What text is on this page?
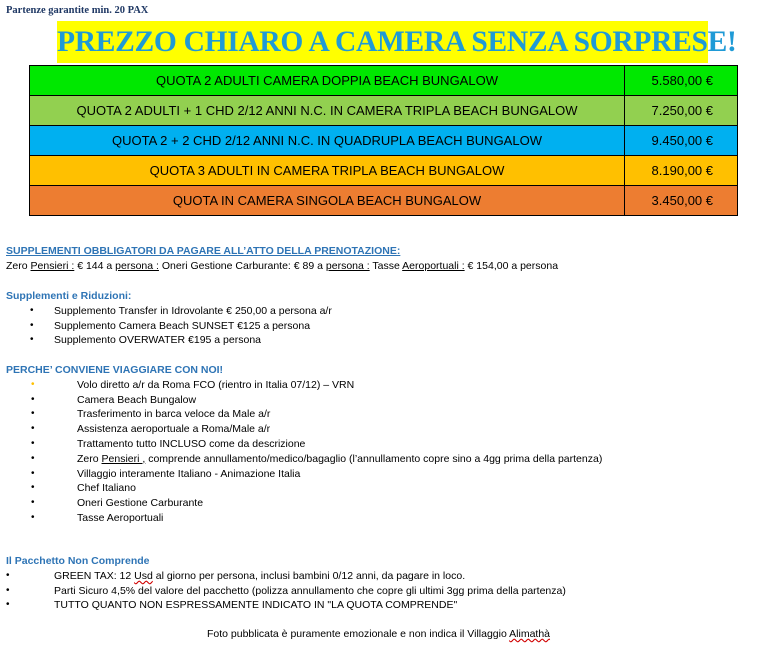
Partenze garantite min. 20 PAX
PREZZO CHIARO A CAMERA SENZA SORPRESE!
QUOTA 2 ADULTI CAMERA DOPPIA BEACH BUNGALOW	5.580,00 €
QUOTA 2 ADULTI + 1 CHD 2/12 ANNI N.C. IN CAMERA TRIPLA BEACH BUNGALOW	7.250,00 €
QUOTA 2 + 2 CHD 2/12 ANNI N.C. IN QUADRUPLA BEACH BUNGALOW	9.450,00 €
QUOTA 3 ADULTI IN CAMERA TRIPLA BEACH BUNGALOW	8.190,00 €
QUOTA IN CAMERA SINGOLA BEACH BUNGALOW	3.450,00 €
SUPPLEMENTI OBBLIGATORI DA PAGARE ALL’ATTO DELLA PRENOTAZIONE:
Zero Pensieri : € 144 a persona : Oneri Gestione Carburante: € 89 a persona : Tasse Aeroportuali : € 154,00 a persona
Supplementi e Riduzioni:
• Supplemento Transfer in Idrovolante € 250,00 a persona a/r
• Supplemento Camera Beach SUNSET €125 a persona
• Supplemento OVERWATER €195 a persona
PERCHE’ CONVIENE VIAGGIARE CON NOI!
•	Volo diretto a/r da Roma FCO (rientro in Italia 07/12) – VRN
•	Camera Beach Bungalow
•	Trasferimento in barca veloce da Male a/r
•	Assistenza aeroportuale a Roma/Male a/r
•	Trattamento tutto INCLUSO come da descrizione
•	Zero Pensieri , comprende annullamento/medico/bagaglio (l’annullamento copre sino a 4gg prima della partenza)
•	Villaggio interamente Italiano - Animazione Italia
•	Chef Italiano
•	Oneri Gestione Carburante
•	Tasse Aeroportuali
Il Pacchetto Non Comprende
•	GREEN TAX: 12 Usd al giorno per persona, inclusi bambini 0/12 anni, da pagare in loco.
•	Parti Sicuro 4,5% del valore del pacchetto (polizza annullamento che copre gli ultimi 3gg prima della partenza)
•	TUTTO QUANTO NON ESPRESSAMENTE INDICATO IN "LA QUOTA COMPRENDE"
Foto pubblicata è puramente emozionale e non indica il Villaggio Alimathà
